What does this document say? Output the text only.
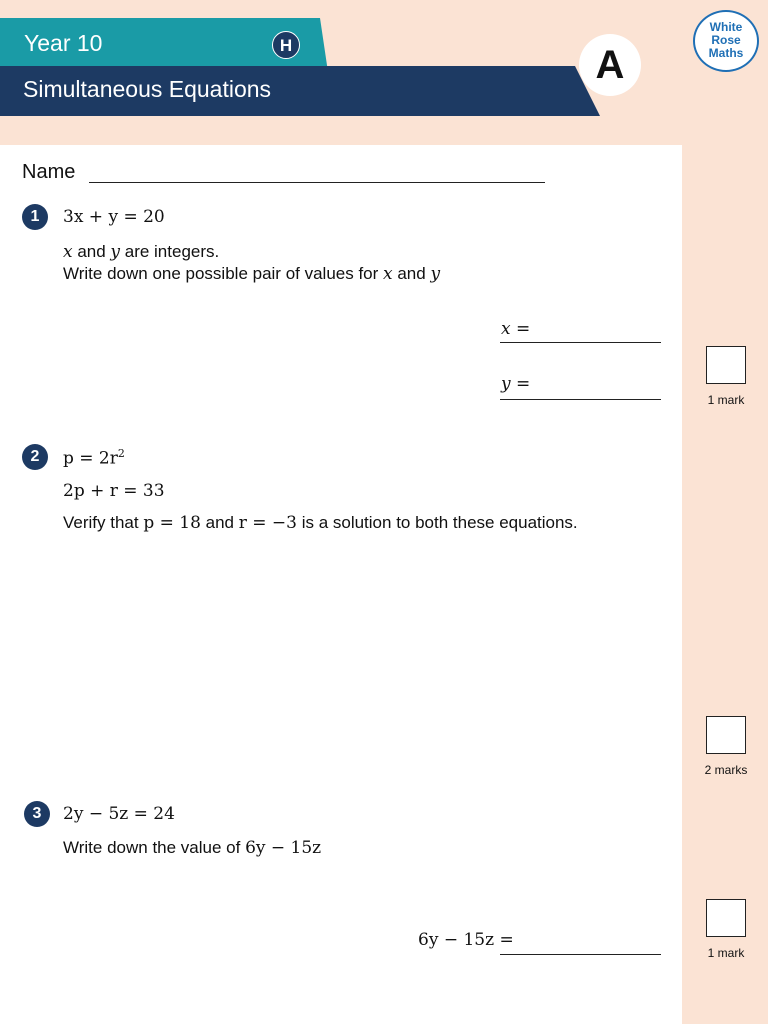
Year 10	H
Simultaneous Equations
A
White
Rose
Maths
Name
1	3x + y = 20
x and y are integers.
Write down one possible pair of values for x and y
x =
y =
1 mark
2	$p = 2r^2$
2p + r = 33
Verify that p = 18 and r = −3 is a solution to both these equations.
2 marks
3	2y − 5z = 24
Write down the value of 6y − 15z
6y − 15z =
1 mark
